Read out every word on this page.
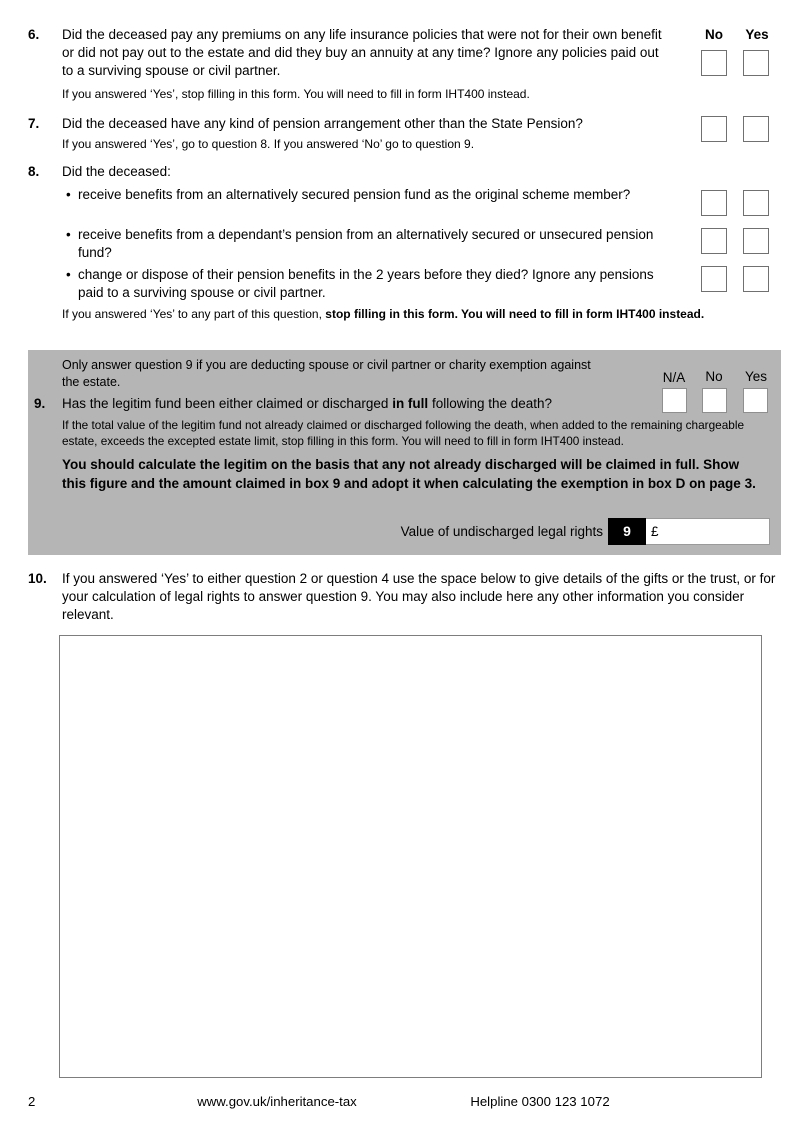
No	Yes
6. Did the deceased pay any premiums on any life insurance policies that were not for their own benefit or did not pay out to the estate and did they buy an annuity at any time? Ignore any policies paid out to a surviving spouse or civil partner.
If you answered ‘Yes’, stop filling in this form. You will need to fill in form IHT400 instead.
7. Did the deceased have any kind of pension arrangement other than the State Pension?
If you answered ‘Yes’, go to question 8. If you answered ‘No’ go to question 9.
8. Did the deceased:
• receive benefits from an alternatively secured pension fund as the original scheme member?
• receive benefits from a dependant’s pension from an alternatively secured or unsecured pension fund?
• change or dispose of their pension benefits in the 2 years before they died? Ignore any pensions paid to a surviving spouse or civil partner.
If you answered ‘Yes’ to any part of this question, stop filling in this form. You will need to fill in form IHT400 instead.
Only answer question 9 if you are deducting spouse or civil partner or charity exemption against the estate.	N/A	No	Yes
9. Has the legitim fund been either claimed or discharged in full following the death?
If the total value of the legitim fund not already claimed or discharged following the death, when added to the remaining chargeable estate, exceeds the excepted estate limit, stop filling in this form. You will need to fill in form IHT400 instead.
You should calculate the legitim on the basis that any not already discharged will be claimed in full. Show this figure and the amount claimed in box 9 and adopt it when calculating the exemption in box D on page 3.
Value of undischarged legal rights	9	£
10. If you answered ‘Yes’ to either question 2 or question 4 use the space below to give details of the gifts or the trust, or for your calculation of legal rights to answer question 9. You may also include here any other information you consider relevant.
2	www.gov.uk/inheritance-tax	Helpline 0300 123 1072
